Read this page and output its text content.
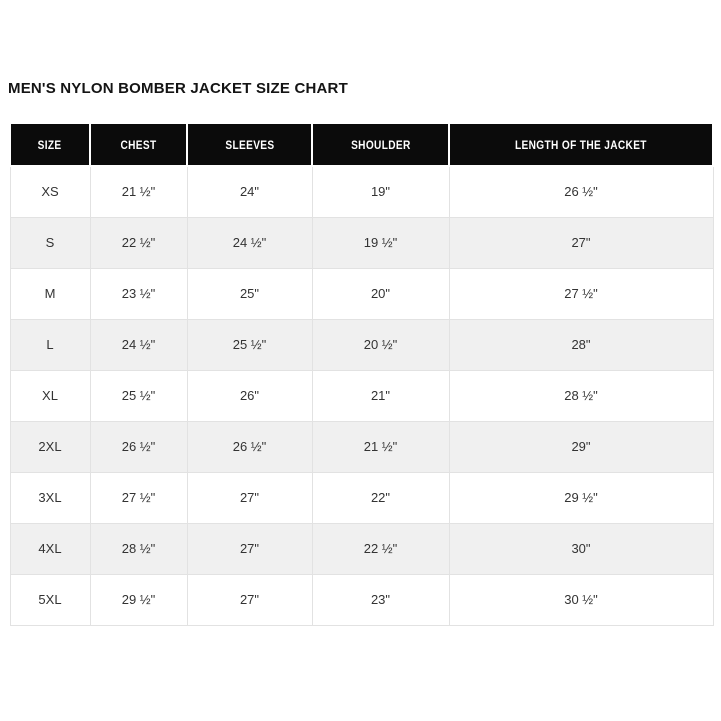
MEN'S NYLON BOMBER JACKET SIZE CHART
SIZE	CHEST	SLEEVES	SHOULDER	LENGTH OF THE JACKET
XS	21 ½"	24"	19"	26 ½"
S	22 ½"	24 ½"	19 ½"	27"
M	23 ½"	25"	20"	27 ½"
L	24 ½"	25 ½"	20 ½"	28"
XL	25 ½"	26"	21"	28 ½"
2XL	26 ½"	26 ½"	21 ½"	29"
3XL	27 ½"	27"	22"	29 ½"
4XL	28 ½"	27"	22 ½"	30"
5XL	29 ½"	27"	23"	30 ½"
